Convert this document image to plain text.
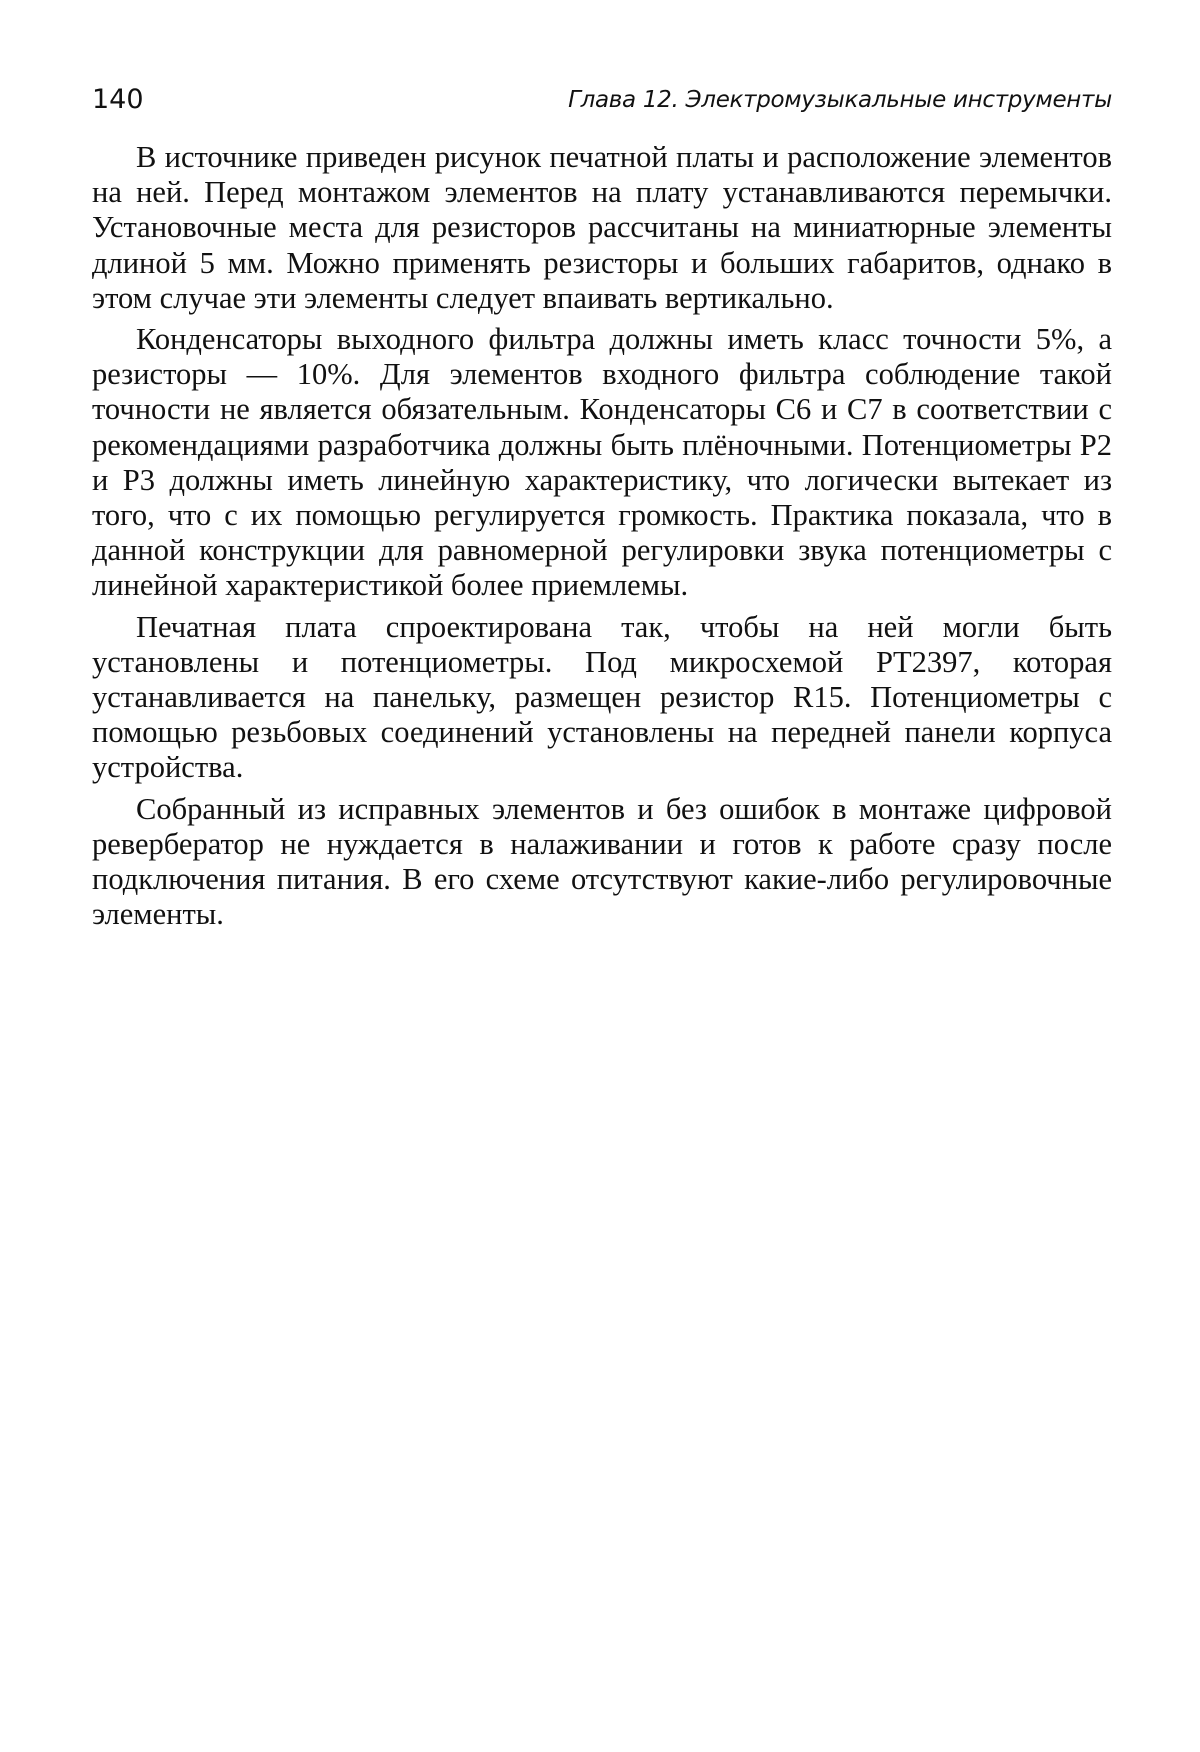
140	Глава 12. Электромузыкальные инструменты

В источнике приведен рисунок печатной платы и расположение элементов на ней. Перед монтажом элементов на плату устанавлива­ются перемычки. Установочные места для резисторов рассчитаны на миниатюрные элементы длиной 5 мм. Можно применять резисторы и больших габаритов, однако в этом случае эти элементы следует впаи­вать вертикально.

Конденсаторы выходного фильтра должны иметь класс точности 5%, а резисторы — 10%. Для элементов входного фильтра соблюдение такой точности не является обязательным. Конденсаторы С6 и С7 в соответствии с рекомендациями разработчика должны быть плёноч­ными. Потенциометры Р2 и Р3 должны иметь линейную характери­стику, что логически вытекает из того, что с их помощью регулирует­ся громкость. Практика показала, что в данной конструкции для рав­номерной регулировки звука потенциометры с линейной характеристикой более приемлемы.

Печатная плата спроектирована так, чтобы на ней могли быть установлены и потенциометры. Под микросхемой PT2397, которая устанавливается на панельку, размещен резистор R15. Потенциоме­тры с помощью резьбовых соединений установлены на передней па­нели корпуса устройства.

Собранный из исправных элементов и без ошибок в монтаже циф­ровой ревербератор не нуждается в налаживании и готов к работе сра­зу после подключения питания. В его схеме отсутствуют какие-либо регулировочные элементы.
